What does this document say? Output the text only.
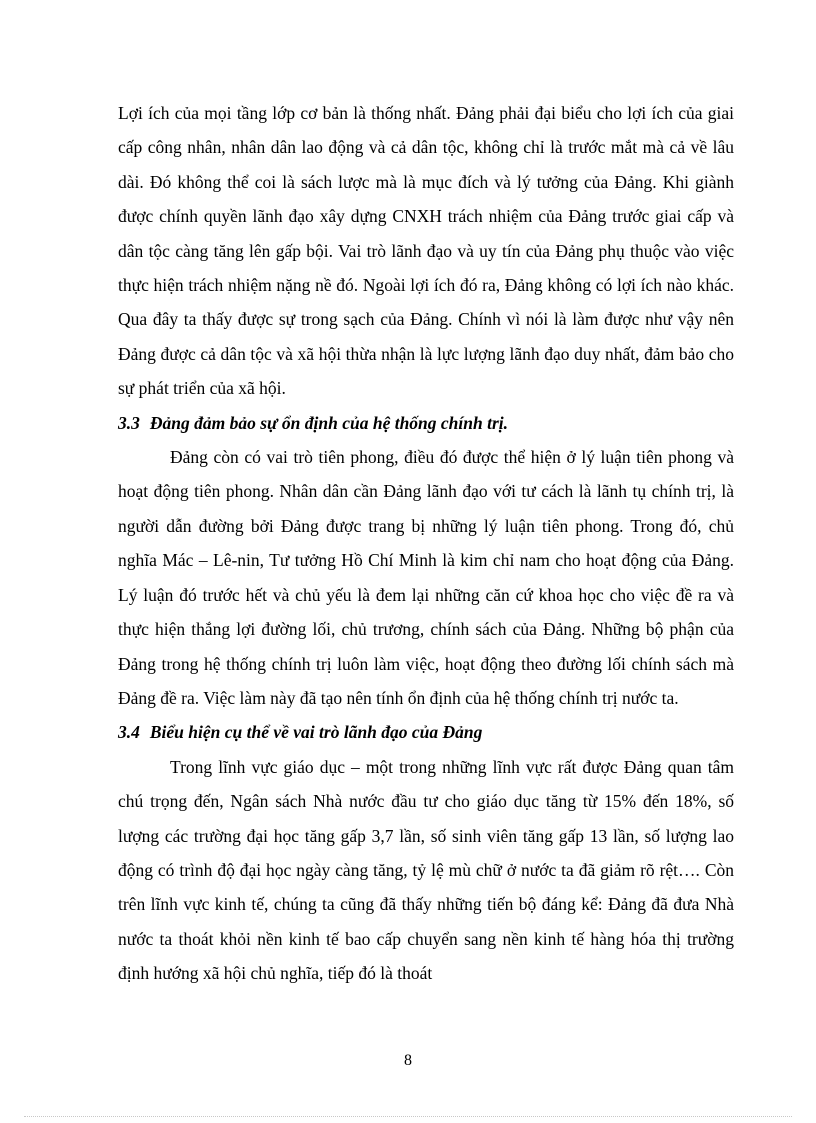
Lợi ích của mọi tầng lớp cơ bản là thống nhất. Đảng phải đại biểu cho lợi ích của giai cấp công nhân, nhân dân lao động và cả dân tộc, không chỉ là trước mắt mà cả về lâu dài. Đó không thể coi là sách lược mà là mục đích và lý tưởng của Đảng. Khi giành được chính quyền lãnh đạo xây dựng CNXH trách nhiệm của Đảng trước giai cấp và dân tộc càng tăng lên gấp bội. Vai trò lãnh đạo và uy tín của Đảng phụ thuộc vào việc thực hiện trách nhiệm nặng nề đó. Ngoài lợi ích đó ra, Đảng không có lợi ích nào khác. Qua đây ta thấy được sự trong sạch của Đảng. Chính vì nói là làm được như vậy nên Đảng được cả dân tộc và xã hội thừa nhận là lực lượng lãnh đạo duy nhất, đảm bảo cho sự phát triển của xã hội.

3.3 Đảng đảm bảo sự ổn định của hệ thống chính trị.

Đảng còn có vai trò tiên phong, điều đó được thể hiện ở lý luận tiên phong và hoạt động tiên phong. Nhân dân cần Đảng lãnh đạo với tư cách là lãnh tụ chính trị, là người dẫn đường bởi Đảng được trang bị những lý luận tiên phong. Trong đó, chủ nghĩa Mác – Lê-nin, Tư tưởng Hồ Chí Minh là kim chỉ nam cho hoạt động của Đảng. Lý luận đó trước hết và chủ yếu là đem lại những căn cứ khoa học cho việc đề ra và thực hiện thắng lợi đường lối, chủ trương, chính sách của Đảng. Những bộ phận của Đảng trong hệ thống chính trị luôn làm việc, hoạt động theo đường lối chính sách mà Đảng đề ra. Việc làm này đã tạo nên tính ổn định của hệ thống chính trị nước ta.

3.4 Biểu hiện cụ thể về vai trò lãnh đạo của Đảng

Trong lĩnh vực giáo dục – một trong những lĩnh vực rất được Đảng quan tâm chú trọng đến, Ngân sách Nhà nước đầu tư cho giáo dục tăng từ 15% đến 18%, số lượng các trường đại học tăng gấp 3,7 lần, số sinh viên tăng gấp 13 lần, số lượng lao động có trình độ đại học ngày càng tăng, tỷ lệ mù chữ ở nước ta đã giảm rõ rệt…. Còn trên lĩnh vực kinh tế, chúng ta cũng đã thấy những tiến bộ đáng kể: Đảng đã đưa Nhà nước ta thoát khỏi nền kinh tế bao cấp chuyển sang nền kinh tế hàng hóa thị trường định hướng xã hội chủ nghĩa, tiếp đó là thoát

8
